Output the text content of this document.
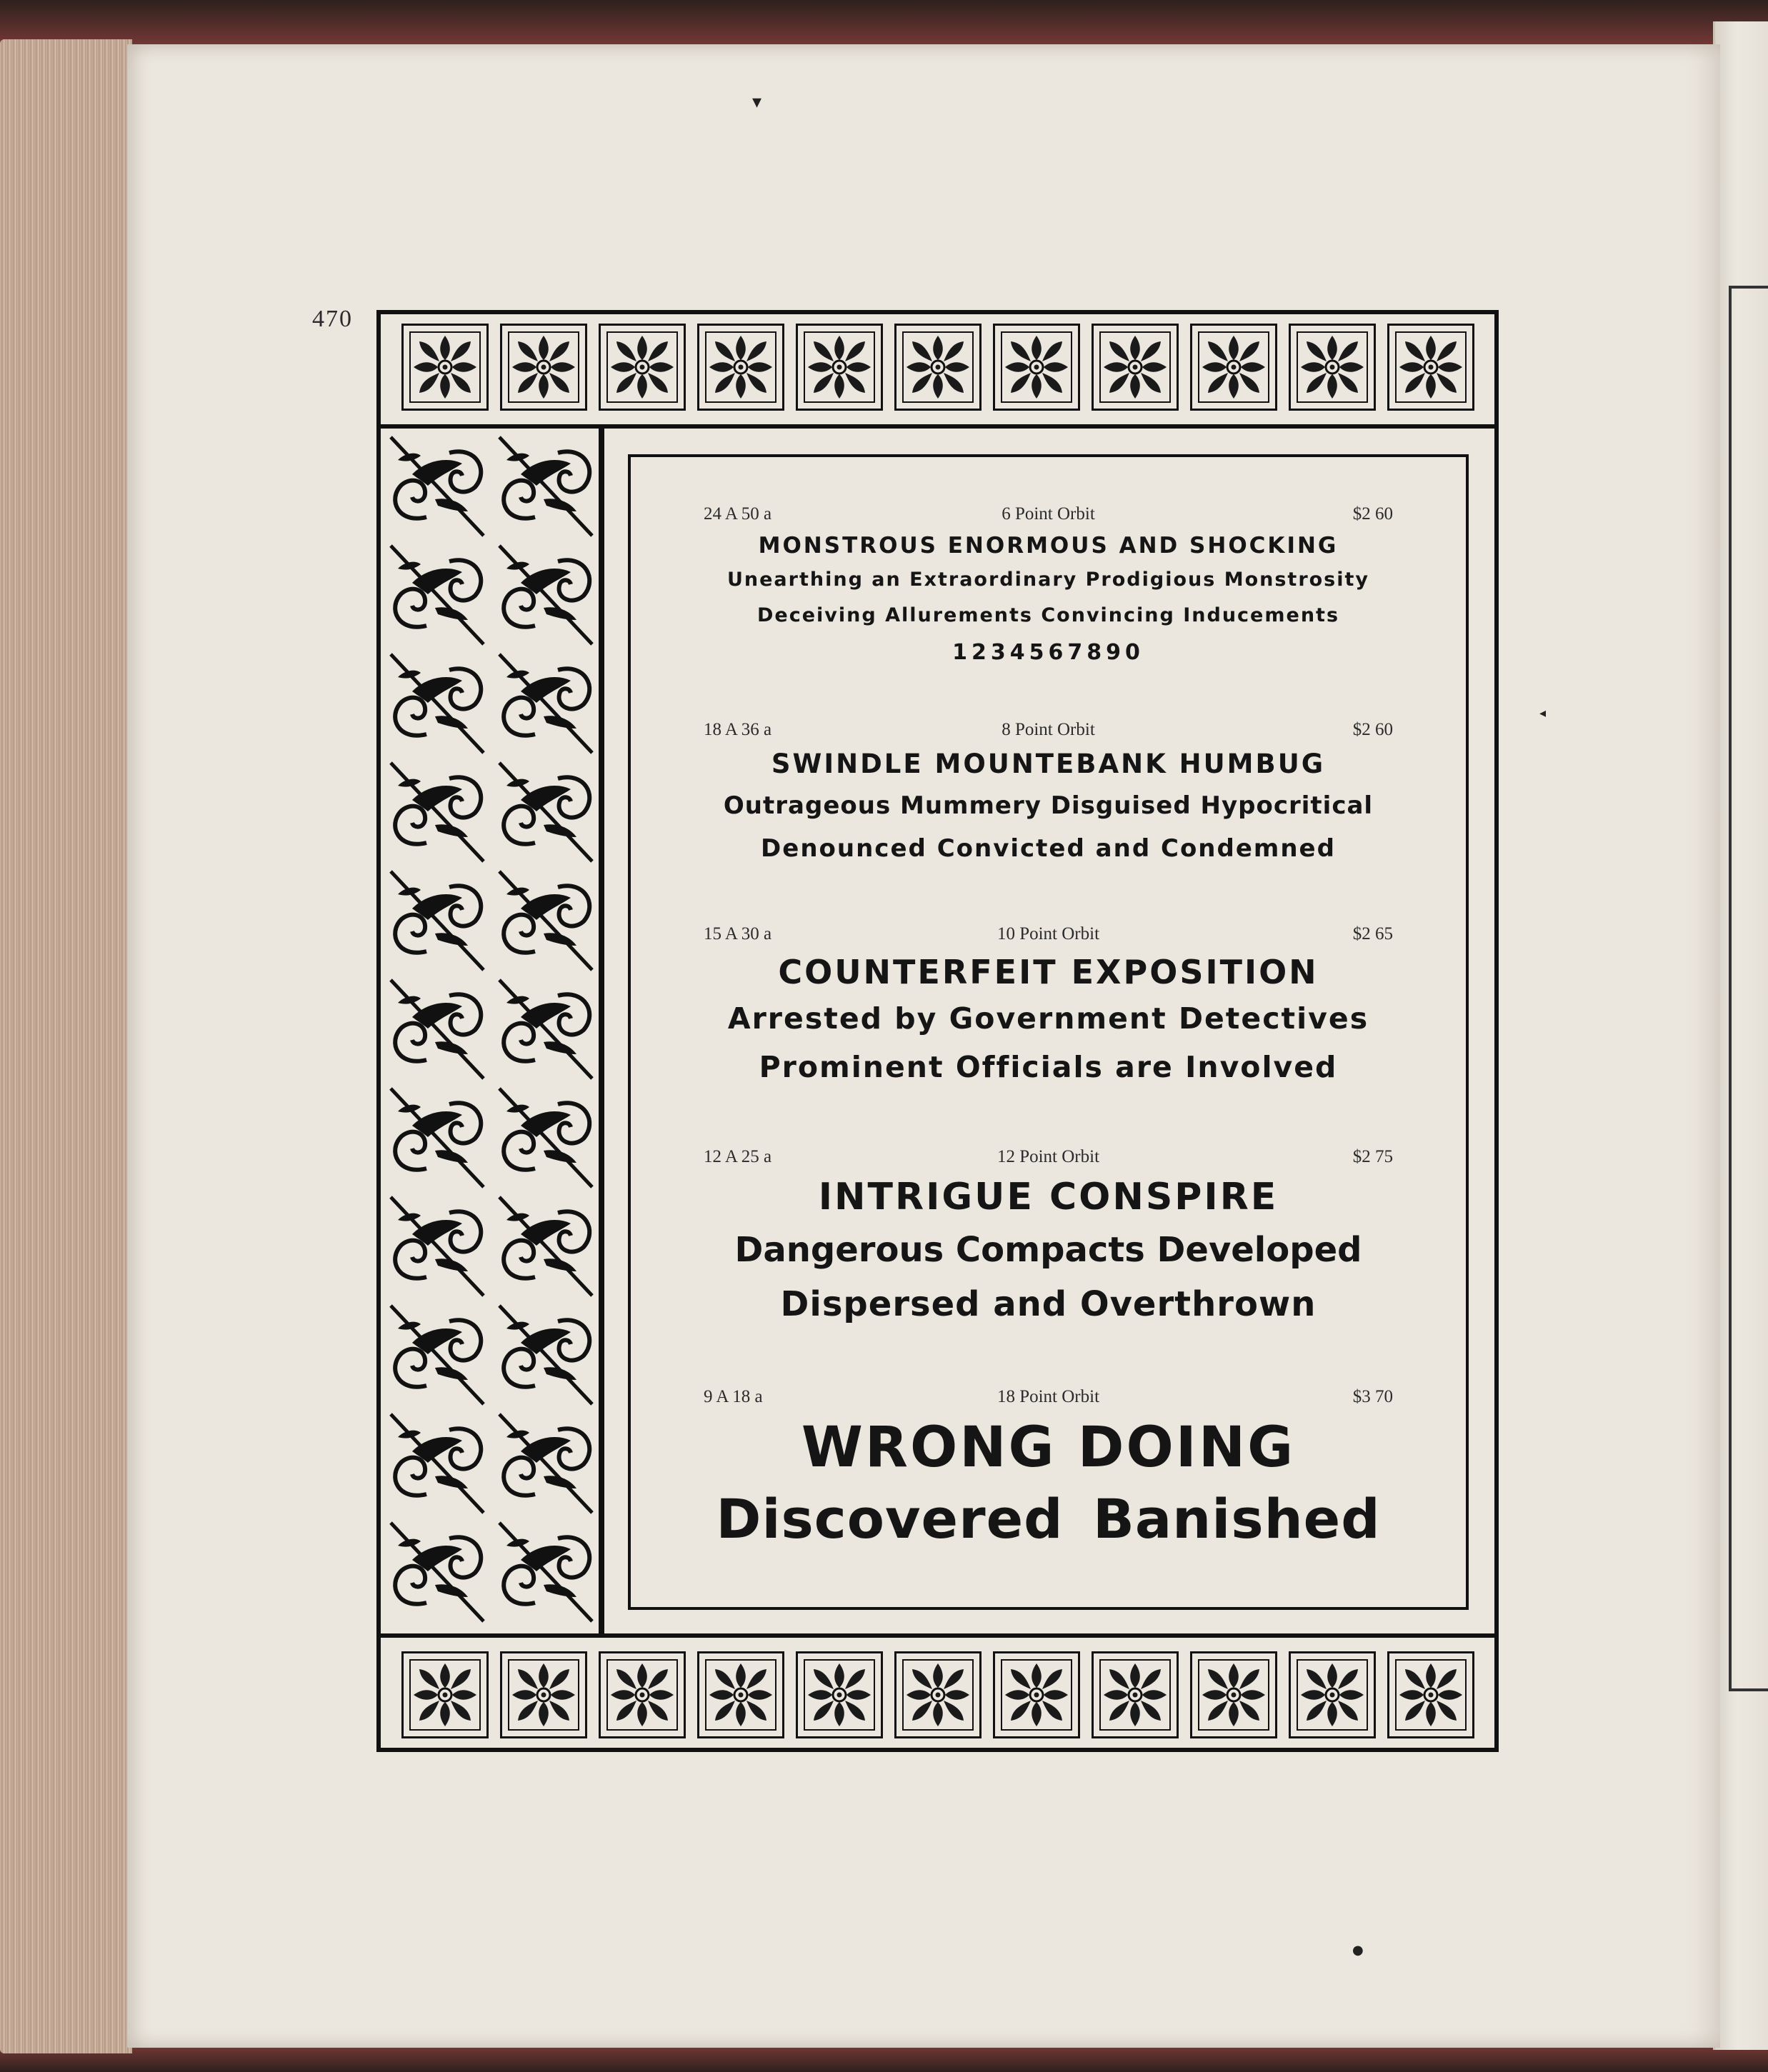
▾
◂
●
470
24 A 50 a	6 Point Orbit	$2 60
MONSTROUS ENORMOUS AND SHOCKING
Unearthing an Extraordinary Prodigious Monstrosity
Deceiving Allurements Convincing Inducements
1234567890
18 A 36 a	8 Point Orbit	$2 60
SWINDLE MOUNTEBANK HUMBUG
Outrageous Mummery Disguised Hypocritical
Denounced Convicted and Condemned
15 A 30 a	10 Point Orbit	$2 65
COUNTERFEIT EXPOSITION
Arrested by Government Detectives
Prominent Officials are Involved
12 A 25 a	12 Point Orbit	$2 75
INTRIGUE CONSPIRE
Dangerous Compacts Developed
Dispersed and Overthrown
9 A 18 a	18 Point Orbit	$3 70
WRONG DOING
Discovered Banished
